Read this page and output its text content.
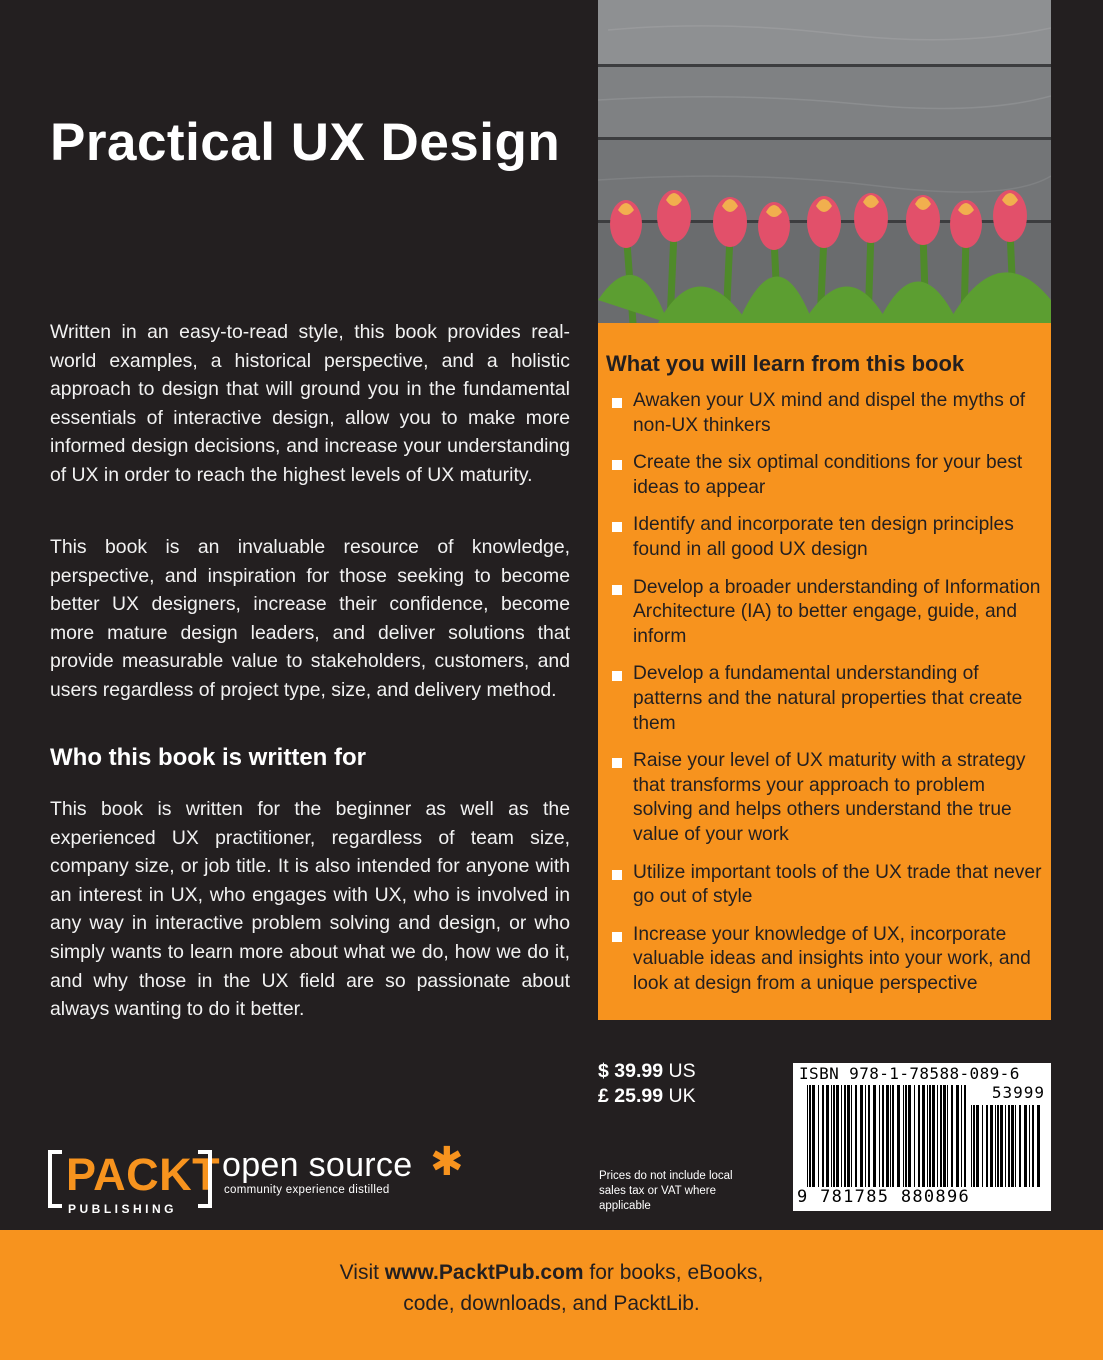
Practical UX Design

Written in an easy-to-read style, this book provides real-world examples, a historical perspective, and a holistic approach to design that will ground you in the fundamental essentials of interactive design, allow you to make more informed design decisions, and increase your understanding of UX in order to reach the highest levels of UX maturity.

This book is an invaluable resource of knowledge, perspective, and inspiration for those seeking to become better UX designers, increase their confidence, become more mature design leaders, and deliver solutions that provide measurable value to stakeholders, customers, and users regardless of project type, size, and delivery method.

Who this book is written for

This book is written for the beginner as well as the experienced UX practitioner, regardless of team size, company size, or job title. It is also intended for anyone with an interest in UX, who engages with UX, who is involved in any way in interactive problem solving and design, or who simply wants to learn more about what we do, how we do it, and why those in the UX field are so passionate about always wanting to do it better.

What you will learn from this book
Awaken your UX mind and dispel the myths of non-UX thinkers
Create the six optimal conditions for your best ideas to appear
Identify and incorporate ten design principles found in all good UX design
Develop a broader understanding of Information Architecture (IA) to better engage, guide, and inform
Develop a fundamental understanding of patterns and the natural properties that create them
Raise your level of UX maturity with a strategy that transforms your approach to problem solving and helps others understand the true value of your work
Utilize important tools of the UX trade that never go out of style
Increase your knowledge of UX, incorporate valuable ideas and insights into your work, and look at design from a unique perspective
$ 39.99 US
£ 25.99 UK
Prices do not include local sales tax or VAT where applicable
ISBN 978-1-78588-089-6
53999
9 781785 880896
PACKT
PUBLISHING
open source ✱
community experience distilled
Visit www.PacktPub.com for books, eBooks,
code, downloads, and PacktLib.
